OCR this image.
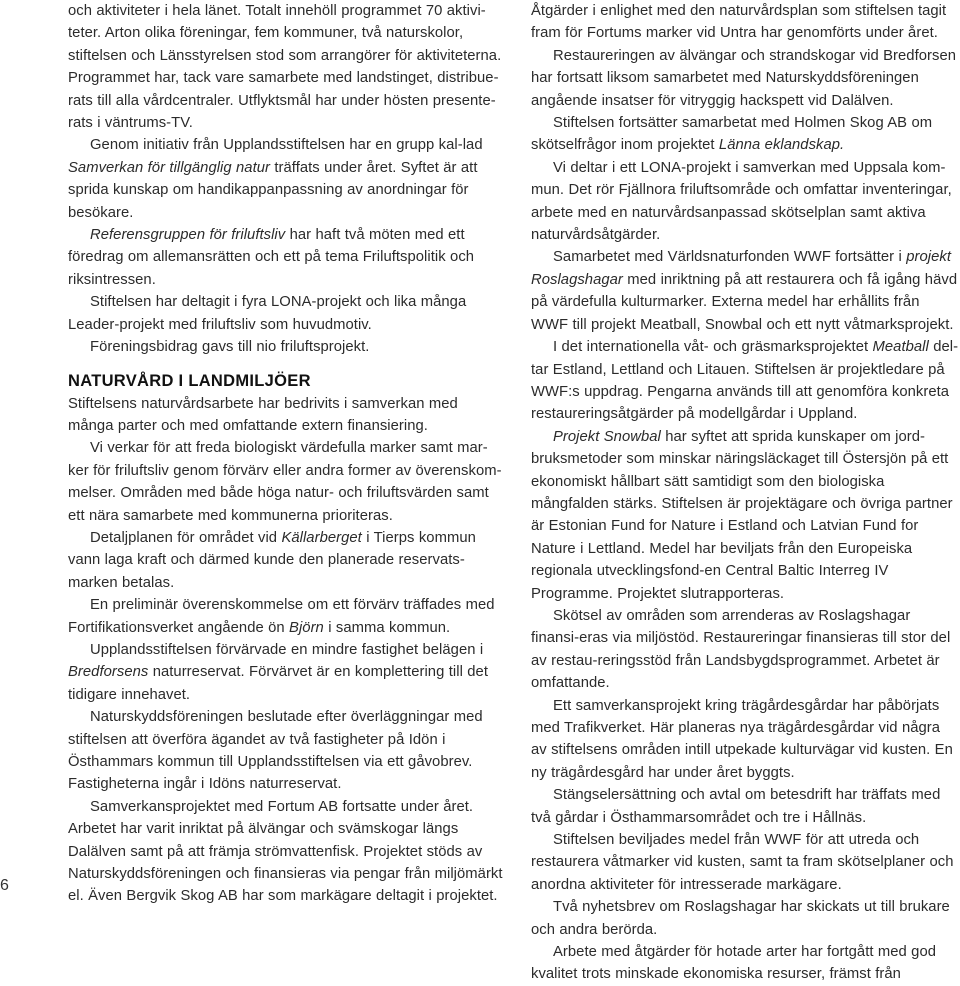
och aktiviteter i hela länet. Totalt innehöll programmet 70 aktivi-teter. Arton olika föreningar, fem kommuner, två naturskolor, stiftelsen och Länsstyrelsen stod som arrangörer för aktiviteterna. Programmet har, tack vare samarbete med landstinget, distribue-rats till alla vårdcentraler. Utflyktsmål har under hösten presente-rats i väntrums-TV.

Genom initiativ från Upplandsstiftelsen har en grupp kal-lad Samverkan för tillgänglig natur träffats under året. Syftet är att sprida kunskap om handikappanpassning av anordningar för besökare.

Referensgruppen för friluftsliv har haft två möten med ett föredrag om allemansrätten och ett på tema Friluftspolitik och riksintressen.

Stiftelsen har deltagit i fyra LONA-projekt och lika många Leader-projekt med friluftsliv som huvudmotiv.

Föreningsbidrag gavs till nio friluftsprojekt.

NATURVÅRD I LANDMILJÖER

Stiftelsens naturvårdsarbete har bedrivits i samverkan med många parter och med omfattande extern finansiering.

Vi verkar för att freda biologiskt värdefulla marker samt mar-ker för friluftsliv genom förvärv eller andra former av överenskom-melser. Områden med både höga natur- och friluftsvärden samt ett nära samarbete med kommunerna prioriteras.

Detaljplanen för området vid Källarberget i Tierps kommun vann laga kraft och därmed kunde den planerade reservats-marken betalas.

En preliminär överenskommelse om ett förvärv träffades med Fortifikationsverket angående ön Björn i samma kommun.

Upplandsstiftelsen förvärvade en mindre fastighet belägen i Bredforsens naturreservat. Förvärvet är en komplettering till det tidigare innehavet.

Naturskyddsföreningen beslutade efter överläggningar med stiftelsen att överföra ägandet av två fastigheter på Idön i Östhammars kommun till Upplandsstiftelsen via ett gåvobrev. Fastigheterna ingår i Idöns naturreservat.

Samverkansprojektet med Fortum AB fortsatte under året. Arbetet har varit inriktat på älvängar och svämskogar längs Dalälven samt på att främja strömvattenfisk. Projektet stöds av Naturskyddsföreningen och finansieras via pengar från miljömärkt el. Även Bergvik Skog AB har som markägare deltagit i projektet.

Åtgärder i enlighet med den naturvårdsplan som stiftelsen tagit fram för Fortums marker vid Untra har genomförts under året.

Restaureringen av älvängar och strandskogar vid Bredforsen har fortsatt liksom samarbetet med Naturskyddsföreningen angående insatser för vitryggig hackspett vid Dalälven.

Stiftelsen fortsätter samarbetat med Holmen Skog AB om skötselfrågor inom projektet Länna eklandskap.

Vi deltar i ett LONA-projekt i samverkan med Uppsala kom-mun. Det rör Fjällnora friluftsområde och omfattar inventeringar, arbete med en naturvårdsanpassad skötselplan samt aktiva naturvårdsåtgärder.

Samarbetet med Världsnaturfonden WWF fortsätter i projekt Roslagshagar med inriktning på att restaurera och få igång hävd på värdefulla kulturmarker. Externa medel har erhållits från WWF till projekt Meatball, Snowbal och ett nytt våtmarksprojekt.

I det internationella våt- och gräsmarksprojektet Meatball del-tar Estland, Lettland och Litauen. Stiftelsen är projektledare på WWF:s uppdrag. Pengarna används till att genomföra konkreta restaureringsåtgärder på modellgårdar i Uppland.

Projekt Snowbal har syftet att sprida kunskaper om jord-bruksmetoder som minskar näringsläckaget till Östersjön på ett ekonomiskt hållbart sätt samtidigt som den biologiska mångfalden stärks. Stiftelsen är projektägare och övriga partner är Estonian Fund for Nature i Estland och Latvian Fund for Nature i Lettland. Medel har beviljats från den Europeiska regionala utvecklingsfond-en Central Baltic Interreg IV Programme. Projektet slutrapporteras.

Skötsel av områden som arrenderas av Roslagshagar finansi-eras via miljöstöd. Restaureringar finansieras till stor del av restau-reringsstöd från Landsbygdsprogrammet. Arbetet är omfattande.

Ett samverkansprojekt kring trägårdesgårdar har påbörjats med Trafikverket. Här planeras nya trägårdesgårdar vid några av stiftelsens områden intill utpekade kulturvägar vid kusten. En ny trägårdesgård har under året byggts.

Stängselersättning och avtal om betesdrift har träffats med två gårdar i Östhammarsområdet och tre i Hållnäs.

Stiftelsen beviljades medel från WWF för att utreda och restaurera våtmarker vid kusten, samt ta fram skötselplaner och anordna aktiviteter för intresserade markägare.

Två nyhetsbrev om Roslagshagar har skickats ut till brukare och andra berörda.

Arbete med åtgärder för hotade arter har fortgått med god kvalitet trots minskade ekonomiska resurser, främst från

6
